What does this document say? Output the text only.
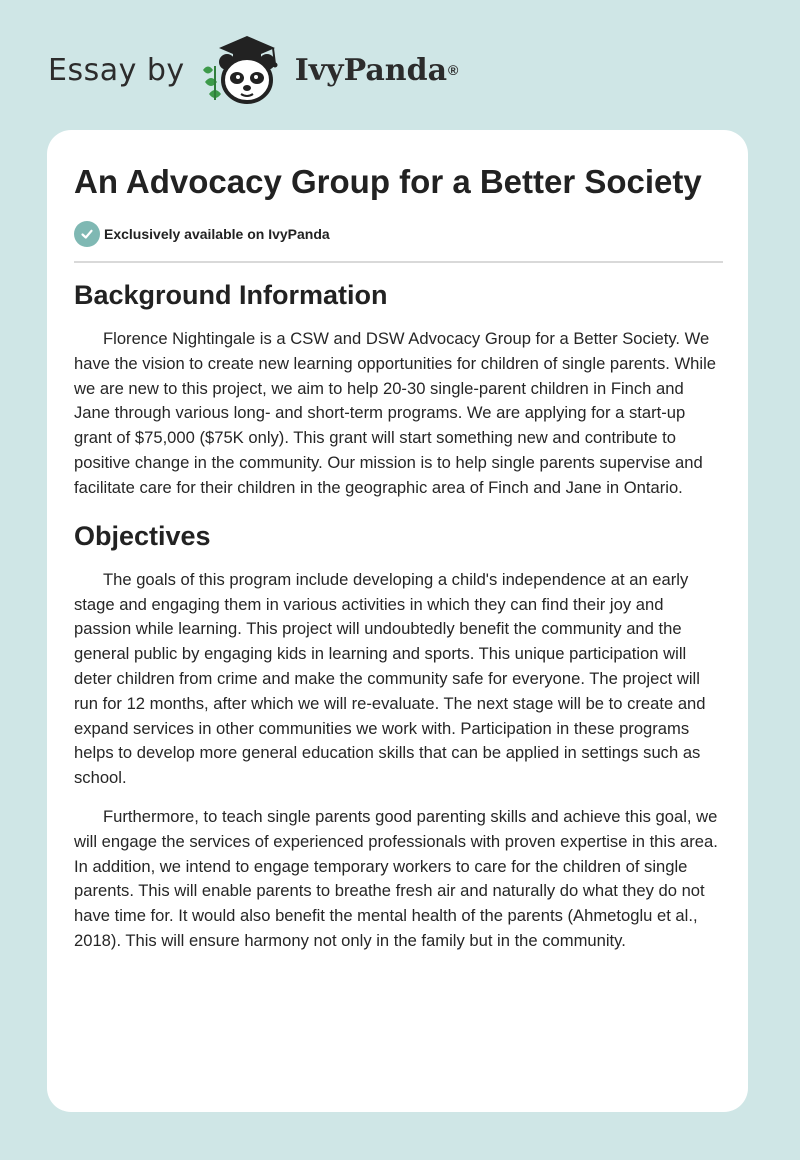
Essay by	IvyPanda ®
An Advocacy Group for a Better Society
Exclusively available on IvyPanda
Background Information

Florence Nightingale is a CSW and DSW Advocacy Group for a Better Society. We have the vision to create new learning opportunities for children of single parents. While we are new to this project, we aim to help 20-30 single-parent children in Finch and Jane through various long- and short-term programs. We are applying for a start-up grant of $75,000 ($75K only). This grant will start something new and contribute to positive change in the community. Our mission is to help single parents supervise and facilitate care for their children in the geographic area of Finch and Jane in Ontario.

Objectives

The goals of this program include developing a child's independence at an early stage and engaging them in various activities in which they can find their joy and passion while learning. This project will undoubtedly benefit the community and the general public by engaging kids in learning and sports. This unique participation will deter children from crime and make the community safe for everyone. The project will run for 12 months, after which we will re-evaluate. The next stage will be to create and expand services in other communities we work with. Participation in these programs helps to develop more general education skills that can be applied in settings such as school.

Furthermore, to teach single parents good parenting skills and achieve this goal, we will engage the services of experienced professionals with proven expertise in this area. In addition, we intend to engage temporary workers to care for the children of single parents. This will enable parents to breathe fresh air and naturally do what they do not have time for. It would also benefit the mental health of the parents (Ahmetoglu et al., 2018). This will ensure harmony not only in the family but in the community.
